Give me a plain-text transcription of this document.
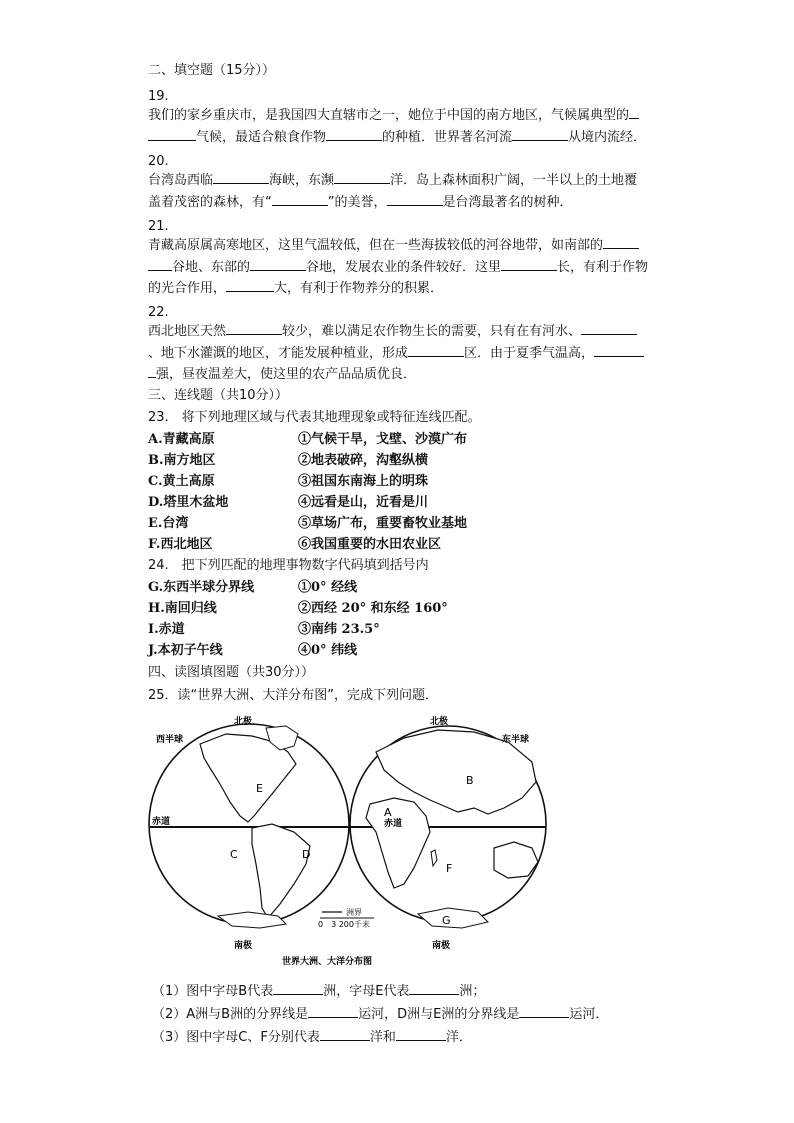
二、填空题（15分））
19.
我们的家乡重庆市，是我国四大直辖市之一，她位于中国的南方地区，气候属典型的
气候，最适合粮食作物	的种植．世界著名河流	从境内流经．
20.
台湾岛西临	海峡，东濒	洋．岛上森林面积广阔，一半以上的土地覆
盖着茂密的森林，有“	”的美誉，	是台湾最著名的树种．
21.
青藏高原属高寒地区，这里气温较低，但在一些海拔较低的河谷地带，如南部的
谷地、东部的	谷地，发展农业的条件较好．这里	长，有利于作物
的光合作用，	大，有利于作物养分的积累．
22.
西北地区天然	较少，难以满足农作物生长的需要，只有在有河水、
、地下水灌溉的地区，才能发展种植业，形成	区．由于夏季气温高，
强，昼夜温差大，使这里的农产品品质优良．
三、连线题（共10分））
23.　将下列地理区域与代表其地理现象或特征连线匹配。
A.青藏高原	①气候干旱，戈壁、沙漠广布
B.南方地区	②地表破碎，沟壑纵横
C.黄土高原	③祖国东南海上的明珠
D.塔里木盆地	④远看是山，近看是川
E.台湾	⑤草场广布，重要畜牧业基地
F.西北地区	⑥我国重要的水田农业区
24.　把下列匹配的地理事物数字代码填到括号内
G.东西半球分界线	①0° 经线
H.南回归线	②西经 20° 和东经 160°
I.赤道	③南纬 23.5°
J.本初子午线	④0° 纬线
四、读图填图题（共30分））
25．读“世界大洲、大洋分布图”，完成下列问题．
北极	北极
西半球	东半球
赤道	赤道
南极	南极
A
B
C	D
E
F
G
洲界
0　3 200千米
世界大洲、大洋分布图
（1）图中字母B代表	洲，字母E代表	洲；
（2）A洲与B洲的分界线是	运河，D洲与E洲的分界线是	运河．
（3）图中字母C、F分别代表	洋和	洋．
